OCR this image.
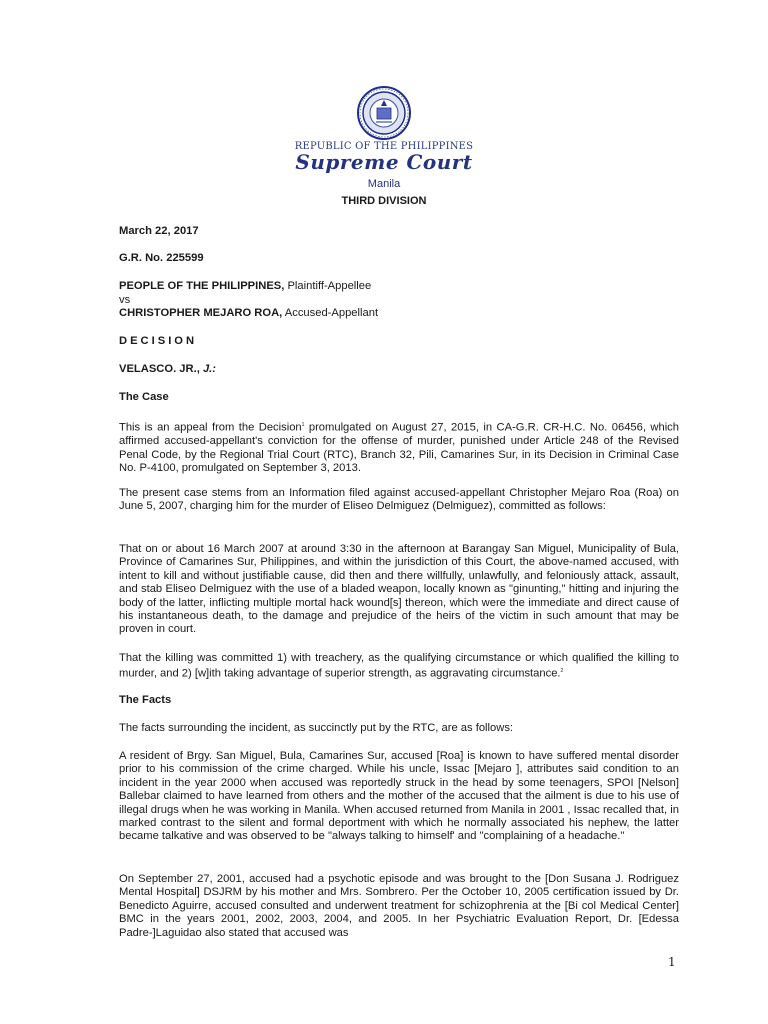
REPUBLIC OF THE PHILIPPINES
Supreme Court
Manila
THIRD DIVISION

March 22, 2017

G.R. No. 225599

PEOPLE OF THE PHILIPPINES, Plaintiff-Appellee

vs

CHRISTOPHER MEJARO ROA, Accused-Appellant

DECISION

VELASCO. JR., J.:

The Case

This is an appeal from the Decision$^1$ promulgated on August 27, 2015, in CA-G.R. CR-H.C. No. 06456, which affirmed accused-appellant's conviction for the offense of murder, punished under Article 248 of the Revised Penal Code, by the Regional Trial Court (RTC), Branch 32, Pili, Camarines Sur, in its Decision in Criminal Case No. P-4100, promulgated on September 3, 2013.

The present case stems from an Information filed against accused-appellant Christopher Mejaro Roa (Roa) on June 5, 2007, charging him for the murder of Eliseo Delmiguez (Delmiguez), committed as follows:

That on or about 16 March 2007 at around 3:30 in the afternoon at Barangay San Miguel, Municipality of Bula, Province of Camarines Sur, Philippines, and within the jurisdiction of this Court, the above-named accused, with intent to kill and without justifiable cause, did then and there willfully, unlawfully, and feloniously attack, assault, and stab Eliseo Delmiguez with the use of a bladed weapon, locally known as "ginunting," hitting and injuring the body of the latter, inflicting multiple mortal hack wound[s] thereon, which were the immediate and direct cause of his instantaneous death, to the damage and prejudice of the heirs of the victim in such amount that may be proven in court.

That the killing was committed 1) with treachery, as the qualifying circumstance or which qualified the killing to murder, and 2) [w]ith taking advantage of superior strength, as aggravating circumstance.$^2$

The Facts

The facts surrounding the incident, as succinctly put by the RTC, are as follows:

A resident of Brgy. San Miguel, Bula, Camarines Sur, accused [Roa] is known to have suffered mental disorder prior to his commission of the crime charged. While his uncle, Issac [Mejaro ], attributes said condition to an incident in the year 2000 when accused was reportedly struck in the head by some teenagers, SPOI [Nelson] Ballebar claimed to have learned from others and the mother of the accused that the ailment is due to his use of illegal drugs when he was working in Manila. When accused returned from Manila in 2001 , Issac recalled that, in marked contrast to the silent and formal deportment with which he normally associated his nephew, the latter became talkative and was observed to be "always talking to himself' and "complaining of a headache."

On September 27, 2001, accused had a psychotic episode and was brought to the [Don Susana J. Rodriguez Mental Hospital] DSJRM by his mother and Mrs. Sombrero. Per the October 10, 2005 certification issued by Dr. Benedicto Aguirre, accused consulted and underwent treatment for schizophrenia at the [Bi col Medical Center] BMC in the years 2001, 2002, 2003, 2004, and 2005. In her Psychiatric Evaluation Report, Dr. [Edessa Padre-]Laguidao also stated that accused was

1
